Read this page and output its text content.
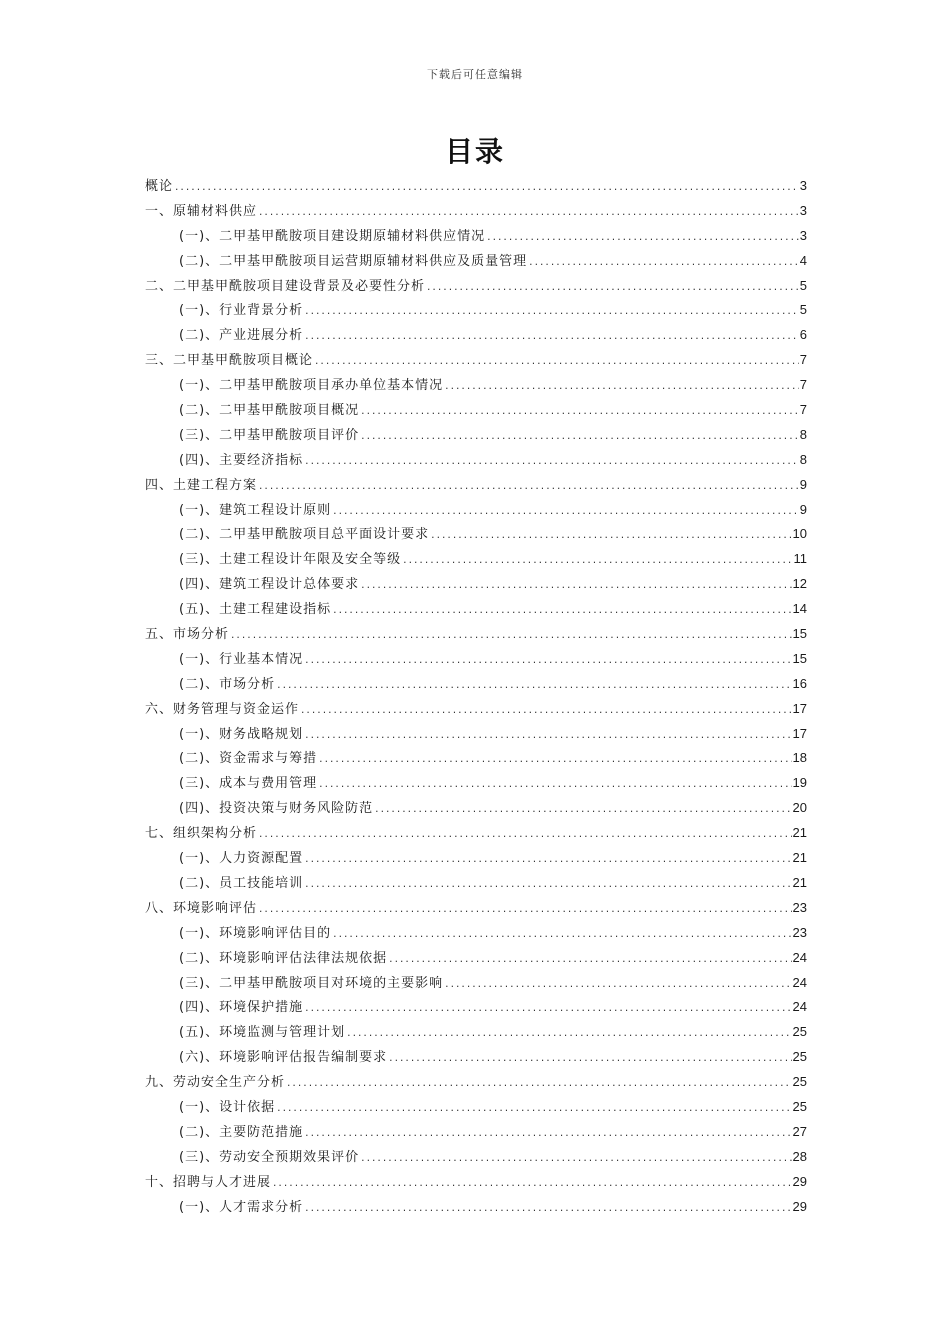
下载后可任意编辑
目录
概论 .....	3
一、原辅材料供应 .....	3
(一)、二甲基甲酰胺项目建设期原辅材料供应情况 .....	3
(二)、二甲基甲酰胺项目运营期原辅材料供应及质量管理 .....	4
二、二甲基甲酰胺项目建设背景及必要性分析 .....	5
(一)、行业背景分析 .....	5
(二)、产业进展分析 .....	6
三、二甲基甲酰胺项目概论 .....	7
(一)、二甲基甲酰胺项目承办单位基本情况 .....	7
(二)、二甲基甲酰胺项目概况 .....	7
(三)、二甲基甲酰胺项目评价 .....	8
(四)、主要经济指标 .....	8
四、土建工程方案 .....	9
(一)、建筑工程设计原则 .....	9
(二)、二甲基甲酰胺项目总平面设计要求 .....	10
(三)、土建工程设计年限及安全等级 .....	11
(四)、建筑工程设计总体要求 .....	12
(五)、土建工程建设指标 .....	14
五、市场分析 .....	15
(一)、行业基本情况 .....	15
(二)、市场分析 .....	16
六、财务管理与资金运作 .....	17
(一)、财务战略规划 .....	17
(二)、资金需求与筹措 .....	18
(三)、成本与费用管理 .....	19
(四)、投资决策与财务风险防范 .....	20
七、组织架构分析 .....	21
(一)、人力资源配置 .....	21
(二)、员工技能培训 .....	21
八、环境影响评估 .....	23
(一)、环境影响评估目的 .....	23
(二)、环境影响评估法律法规依据 .....	24
(三)、二甲基甲酰胺项目对环境的主要影响 .....	24
(四)、环境保护措施 .....	24
(五)、环境监测与管理计划 .....	25
(六)、环境影响评估报告编制要求 .....	25
九、劳动安全生产分析 .....	25
(一)、设计依据 .....	25
(二)、主要防范措施 .....	27
(三)、劳动安全预期效果评价 .....	28
十、招聘与人才进展 .....	29
(一)、人才需求分析 .....	29
